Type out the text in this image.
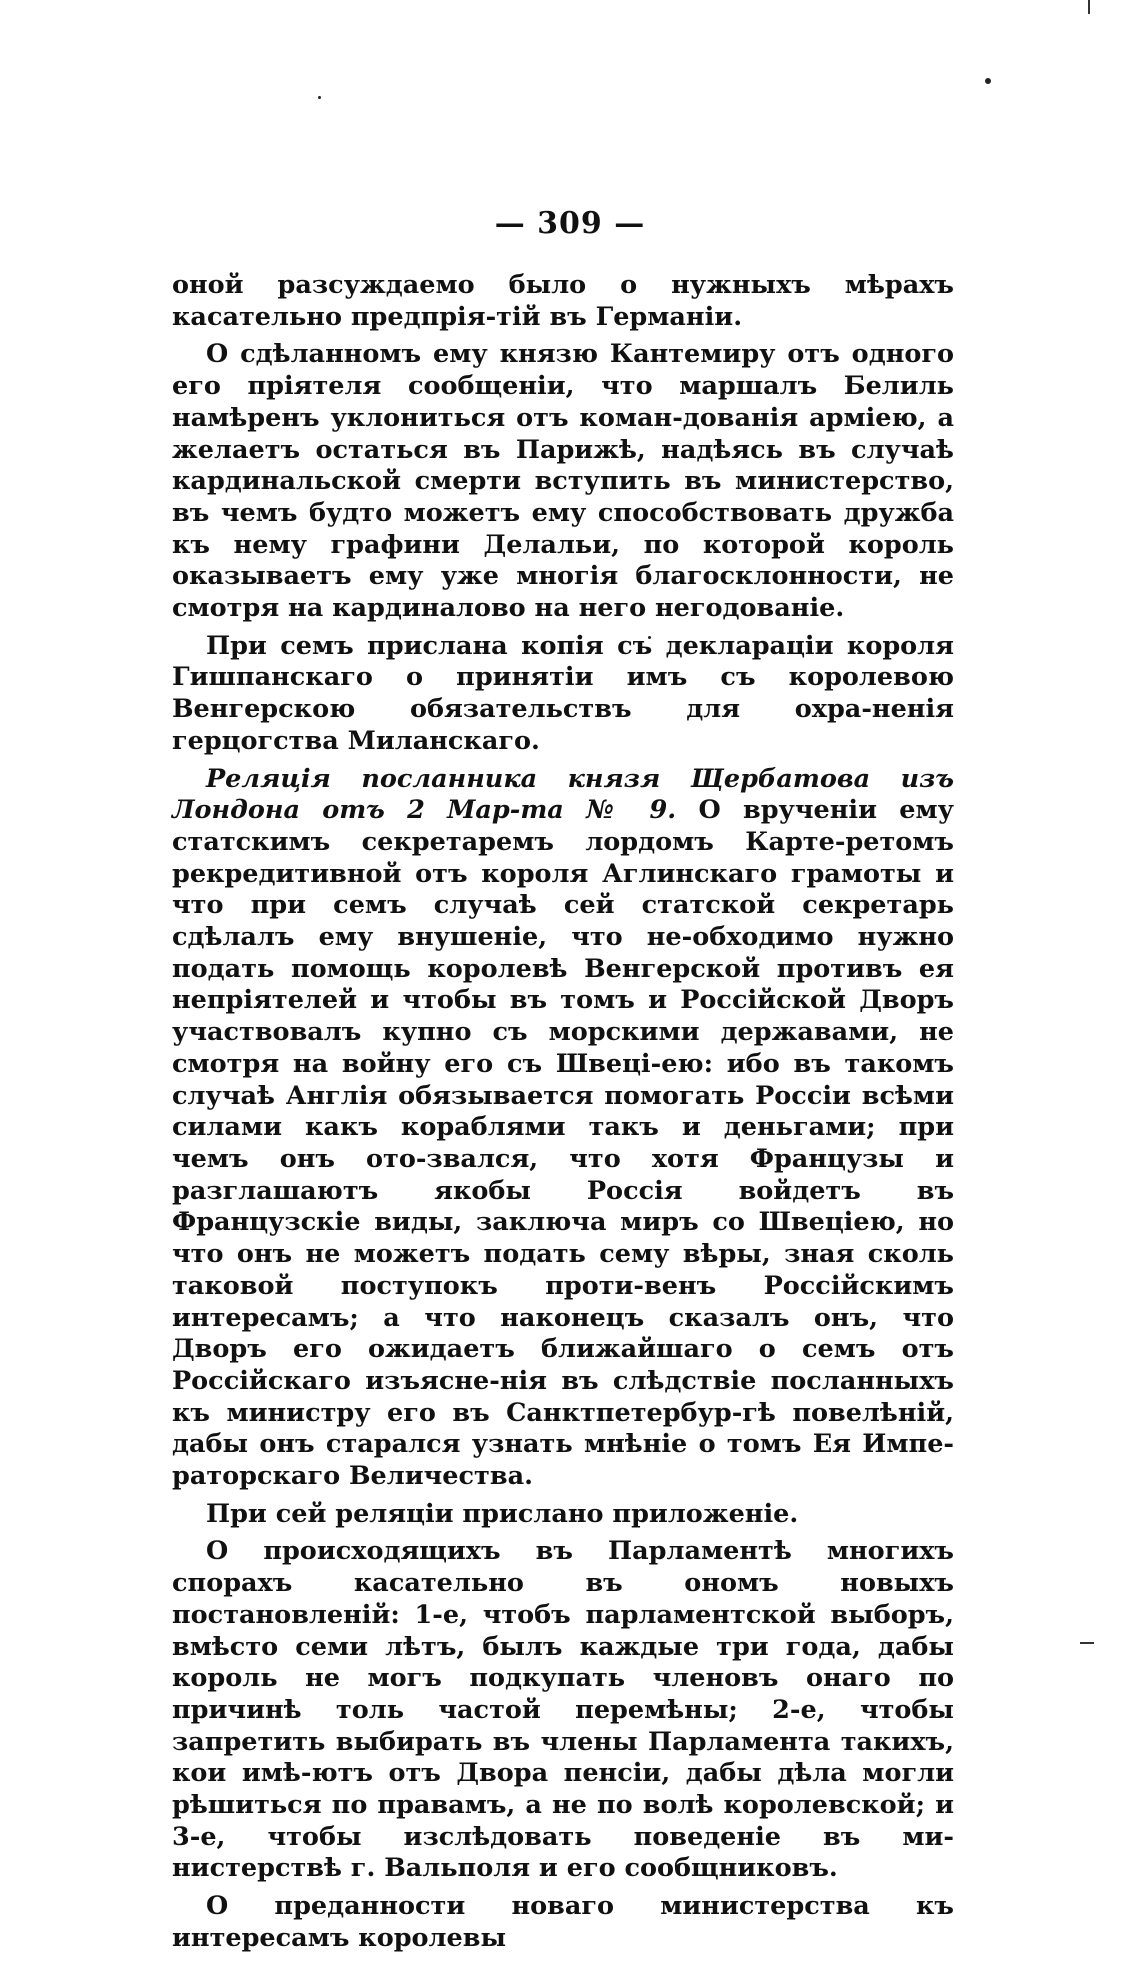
— 309 —

оной разсуждаемо было о нужныхъ мѣрахъ касательно предпрія-тій въ Германіи.

О сдѣланномъ ему князю Кантемиру отъ одного его пріятеля сообщеніи, что маршалъ Белиль намѣренъ уклониться отъ коман-дованія арміею, а желаетъ остаться въ Парижѣ, надѣясь въ случаѣ кардинальской смерти вступить въ министерство, въ чемъ будто можетъ ему способствовать дружба къ нему графини Делальи, по которой король оказываетъ ему уже многія благосклонности, не смотря на кардиналово на него негодованіе.

При семъ прислана копія съ деклараціи короля Гишпанскаго о принятіи имъ съ королевою Венгерскою обязательствъ для охра-ненія герцогства Миланскаго.

Реляція посланника князя Щербатова изъ Лондона отъ 2 Мар-та № 9. О врученіи ему статскимъ секретаремъ лордомъ Карте-ретомъ рекредитивной отъ короля Аглинскаго грамоты и что при семъ случаѣ сей статской секретарь сдѣлалъ ему внушеніе, что не-обходимо нужно подать помощь королевѣ Венгерской противъ ея непріятелей и чтобы въ томъ и Россійской Дворъ участвовалъ купно съ морскими державами, не смотря на войну его съ Швеці-ею: ибо въ такомъ случаѣ Англія обязывается помогать Россіи всѣми силами какъ кораблями такъ и деньгами; при чемъ онъ ото-звался, что хотя Французы и разглашаютъ якобы Россія войдетъ въ Французскіе виды, заключа миръ со Швеціею, но что онъ не можетъ подать сему вѣры, зная сколь таковой поступокъ проти-венъ Россійскимъ интересамъ; а что наконецъ сказалъ онъ, что Дворъ его ожидаетъ ближайшаго о семъ отъ Россійскаго изъясне-нія въ слѣдствіе посланныхъ къ министру его въ Санктпетербур-гѣ повелѣній, дабы онъ старался узнать мнѣніе о томъ Ея Импе-раторскаго Величества.

При сей реляціи прислано приложеніе.

О происходящихъ въ Парламентѣ многихъ спорахъ касательно въ ономъ новыхъ постановленій: 1-е, чтобъ парламентской выборъ, вмѣсто семи лѣтъ, былъ каждые три года, дабы король не могъ подкупать членовъ онаго по причинѣ толь частой перемѣны; 2-е, чтобы запретить выбирать въ члены Парламента такихъ, кои имѣ-ютъ отъ Двора пенсіи, дабы дѣла могли рѣшиться по правамъ, а не по волѣ королевской; и 3-е, чтобы изслѣдовать поведеніе въ ми-нистерствѣ г. Вальполя и его сообщниковъ.

О преданности новаго министерства къ интересамъ королевы
